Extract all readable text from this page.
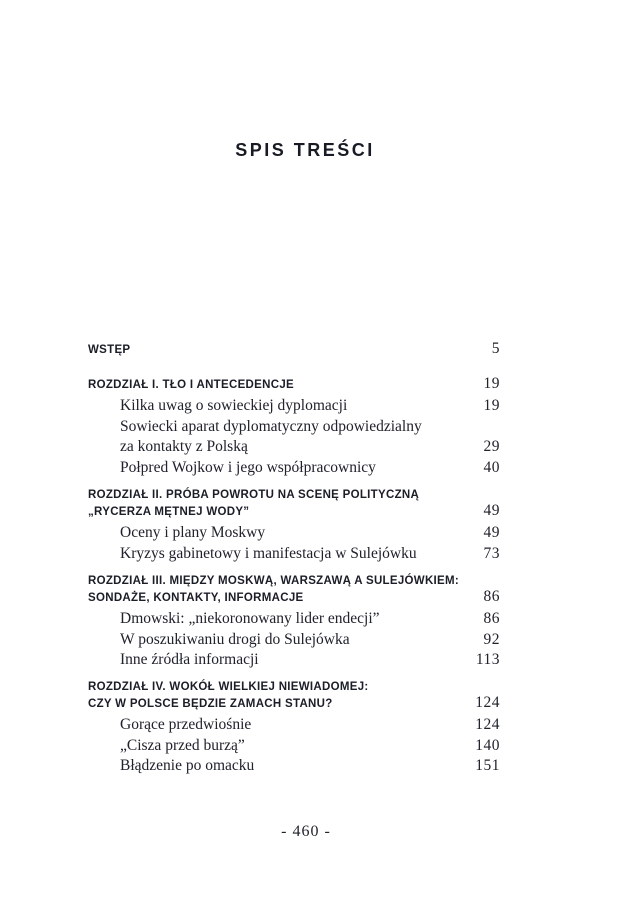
SPIS TREŚCI
WSTĘP	5
ROZDZIAŁ I. TŁO I ANTECEDENCJE	19
Kilka uwag o sowieckiej dyplomacji	19
Sowiecki aparat dyplomatyczny odpowiedzialny
za kontakty z Polską	29
Połpred Wojkow i jego współpracownicy	40
ROZDZIAŁ II. PRÓBA POWROTU NA SCENĘ POLITYCZNĄ
„RYCERZA MĘTNEJ WODY”	49
Oceny i plany Moskwy	49
Kryzys gabinetowy i manifestacja w Sulejówku	73
ROZDZIAŁ III. MIĘDZY MOSKWĄ, WARSZAWĄ A SULEJÓWKIEM:
SONDAŻE, KONTAKTY, INFORMACJE	86
Dmowski: „niekoronowany lider endecji”	86
W poszukiwaniu drogi do Sulejówka	92
Inne źródła informacji	113
ROZDZIAŁ IV. WOKÓŁ WIELKIEJ NIEWIADOMEJ:
CZY W POLSCE BĘDZIE ZAMACH STANU?	124
Gorące przedwiośnie	124
„Cisza przed burzą”	140
Błądzenie po omacku	151
- 460 -
